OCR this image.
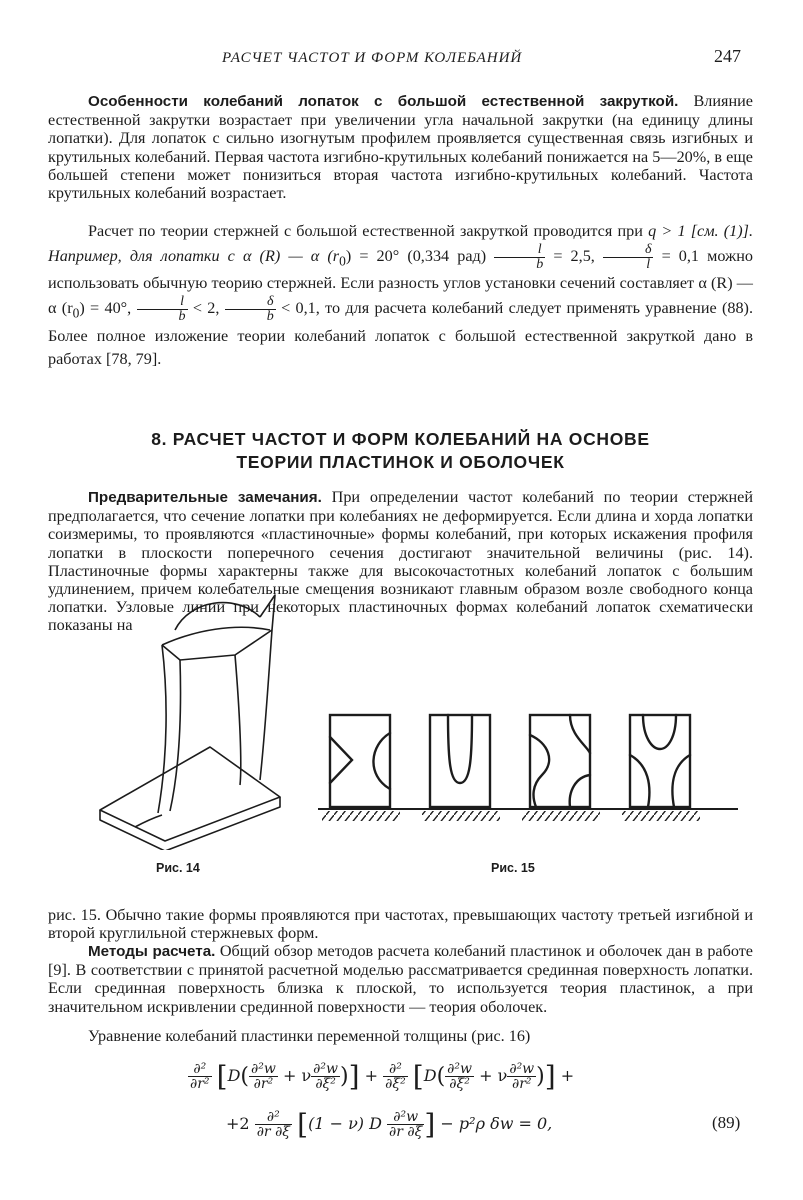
РАСЧЕТ ЧАСТОТ И ФОРМ КОЛЕБАНИЙ	247

Особенности колебаний лопаток с большой естественной закруткой. Влияние естественной закрутки возрастает при увеличении угла начальной закрутки (на единицу длины лопатки). Для лопаток с сильно изогнутым профилем проявляется существенная связь изгибных и крутильных колебаний. Первая частота изгибно-крутильных колебаний понижается на 5—20%, в еще большей степени может понизиться вторая частота изгибно-крутильных колебаний. Частота крутильных колебаний возрастает.

Расчет по теории стержней с большой естественной закруткой проводится при q > 1 [см. (1)]. Например, для лопатки с α (R) — α $(r_0) = 20^\circ$ (0,334 $рад) \frac{l}{b} = 2,5$, $\frac{\delta}{l} = 0,1$ можно использовать обычную теорию стержней. Если разность углов установки сечений составляет α (R) — α $(r_0) = 40^\circ$, $\frac{l}{b} < 2$, $\frac{\delta}{b} < 0,1$, то для расчета колебаний следует применять уравнение (88). Более полное изложение теории колебаний лопаток с большой естественной закруткой дано в работах [78, 79].

8. РАСЧЕТ ЧАСТОТ И ФОРМ КОЛЕБАНИЙ НА ОСНОВЕ
ТЕОРИИ ПЛАСТИНОК И ОБОЛОЧЕК

Предварительные замечания. При определении частот колебаний по теории стержней предполагается, что сечение лопатки при колебаниях не деформируется. Если длина и хорда лопатки соизмеримы, то проявляются «пластиночные» формы колебаний, при которых искажения профиля лопатки в плоскости поперечного сечения достигают значительной величины (рис. 14). Пластиночные формы характерны также для высокочастотных колебаний лопаток с большим удлинением, причем колебательные смещения возникают главным образом возле свободного конца лопатки. Узловые линии при некоторых пластиночных формах колебаний лопаток схематически показаны на

Рис. 14	Рис. 15

рис. 15. Обычно такие формы проявляются при частотах, превышающих частоту третьей изгибной и второй круглильной стержневых форм.

Методы расчета. Общий обзор методов расчета колебаний пластинок и оболочек дан в работе [9]. В соответствии с принятой расчетной моделью рассматривается срединная поверхность лопатки. Если срединная поверхность близка к плоской, то используется теория пластинок, а при значительном искривлении срединной поверхности — теория оболочек.

Уравнение колебаний пластинки переменной толщины (рис. 16)

$\frac{\text{∂²}}{\text{∂r²}} [D( \frac{\text{∂²w}}{\text{∂r²}} + \nu \frac{\text{∂²w}}{\text{∂ξ²}}$ )] + $\frac{\text{∂²}}{\text{∂ξ²}} [D( \frac{\text{∂²w}}{\text{∂ξ²}} + \nu \frac{\text{∂²w}}{\text{∂r²}}$ )] +
$+2 \frac{\text{∂²}}{\partial r \partial\xi} [(1 - \nu)$ D $\frac{\text{∂²w}}{\partial r \partial\xi}$ ] − p²ρ δw = 0,	(89)
